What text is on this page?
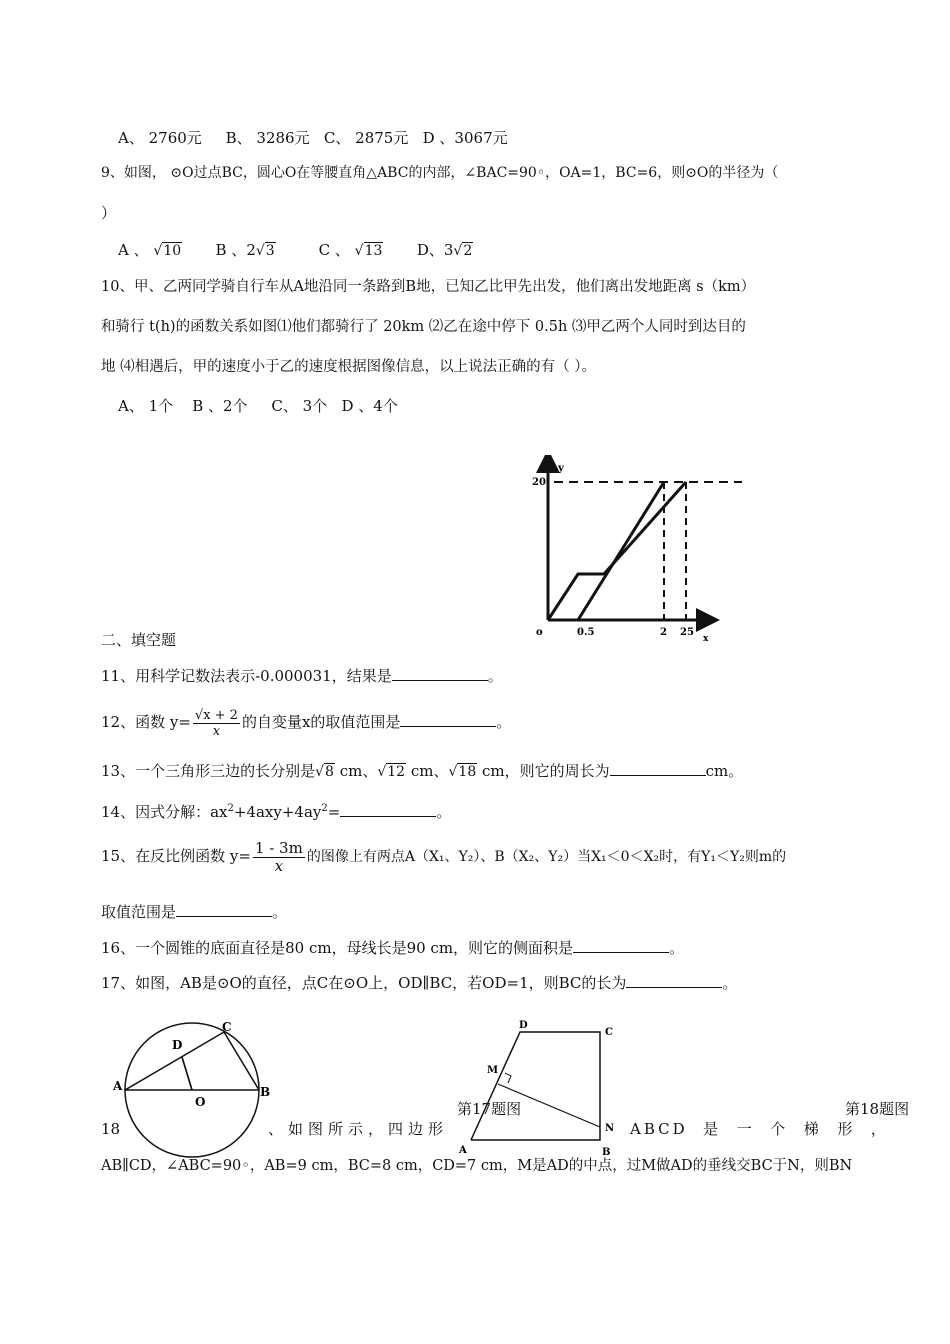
A、 2760元 B、 3286元 C、 2875元 D 、3067元
9、如图， ⊙O过点BC，圆心O在等腰直角△ABC的内部，∠BAC=90◦，OA=1，BC=6，则⊙O的半径为（
）
A 、 √10 B 、2√3	C 、 √13 D、3√2
10、甲、乙两同学骑自行车从A地沿同一条路到B地，已知乙比甲先出发，他们离出发地距离 s（km）
和骑行 t(h)的函数关系如图⑴他们都骑行了 20km ⑵乙在途中停下 0.5h ⑶甲乙两个人同时到达目的
地 ⑷相遇后，甲的速度小于乙的速度根据图像信息，以上说法正确的有（ ）。
A、 1个    B 、2个     C、 3个   D 、4个
y
20
o	0.5	2 25
x
二、填空题
11、用科学记数法表示-0.000031，结果是	。
12、函数 $y= \frac{√x + 2}{x}$ 的自变量x的取值范围是	。
13、一个三角形三边的长分别是√8 cm、√12 cm、√18 cm，则它的周长为	cm。
14、因式分解：$ax^2+4axy+4ay^2=$	。
15、在反比例函数 $y= \frac{1 - 3m}{x}$ 的图像上有两点A（X₁、Y₂）、B（X₂、Y₂）当X₁＜0＜X₂时，有Y₁＜Y₂则m的
取值范围是	。
16、一个圆锥的底面直径是80 cm，母线长是90 cm，则它的侧面积是	。
17、如图，AB是⊙O的直径，点C在⊙O上，OD∥BC，若OD=1，则BC的长为	。
A	B
C
D
O
D
C
M
N
A	B
第17题图	第18题图
18	、如图所示，四边形	ABCD  是  一  个  梯  形  ，
AB∥CD，∠ABC=90◦，AB=9 cm，BC=8 cm，CD=7 cm，M是AD的中点，过M做AD的垂线交BC于N，则BN
